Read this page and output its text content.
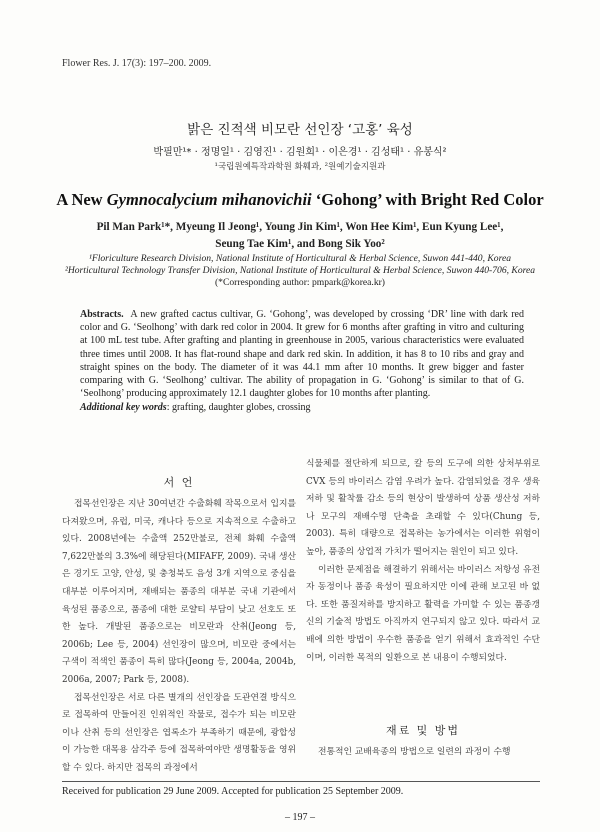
Flower Res. J. 17(3): 197–200. 2009.
밝은 진적색 비모란 선인장 ‘고홍’ 육성
박필만¹* · 정명일¹ · 김영진¹ · 김원희¹ · 이은경¹ · 김성태¹ · 유봉식²
¹국립원예특작과학원 화훼과, ²원예기술지원과
A New Gymnocalycium mihanovichii ‘Gohong’ with Bright Red Color
Pil Man Park¹*, Myeung Il Jeong¹, Young Jin Kim¹, Won Hee Kim¹, Eun Kyung Lee¹,
Seung Tae Kim¹, and Bong Sik Yoo²
¹Floriculture Research Division, National Institute of Horticultural & Herbal Science, Suwon 441-440, Korea
²Horticultural Technology Transfer Division, National Institute of Horticultural & Herbal Science, Suwon 440-706, Korea
(*Corresponding author: pmpark@korea.kr)
Abstracts. A new grafted cactus cultivar, G. ‘Gohong’, was developed by crossing ‘DR’ line with dark red color and G. ‘Seolhong’ with dark red color in 2004. It grew for 6 months after grafting in vitro and culturing at 100 mL test tube. After grafting and planting in greenhouse in 2005, various characteristics were evaluated three times until 2008. It has flat-round shape and dark red skin. In addition, it has 8 to 10 ribs and gray and straight spines on the body. The diameter of it was 44.1 mm after 10 months. It grew bigger and faster comparing with G. ‘Seolhong’ cultivar. The ability of propagation in G. ‘Gohong’ is similar to that of G. ‘Seolhong’ producing approximately 12.1 daughter globes for 10 months after planting.
Additional key words: grafting, daughter globes, crossing
서 언

접목선인장은 지난 30여년간 수출화훼 작목으로서 입지를 다져왔으며, 유럽, 미국, 캐나다 등으로 지속적으로 수출하고 있다. 2008년에는 수출액 252만불로, 전체 화훼 수출액 7,622만불의 3.3%에 해당된다(MIFAFF, 2009). 국내 생산은 경기도 고양, 안성, 및 충청북도 음성 3개 지역으로 중심을 대부분 이루어지며, 재배되는 품종의 대부분 국내 기관에서 육성된 품종으로, 품종에 대한 로얄티 부담이 낮고 선호도 또한 높다. 개발된 품종으로는 비모란과 산취(Jeong 등, 2006b; Lee 등, 2004) 선인장이 많으며, 비모란 중에서는 구색이 적색인 품종이 특히 많다(Jeong 등, 2004a, 2004b, 2006a, 2007; Park 등, 2008).

접목선인장은 서로 다른 별개의 선인장을 도관연결 방식으로 접목하여 만들어진 인위적인 작물로, 접수가 되는 비모란이나 산취 등의 선인장은 엽록소가 부족하기 때문에, 광합성이 가능한 대목용 삼각주 등에 접목하여야만 생명활동을 영위할 수 있다. 하지만 접목의 과정에서

식물체를 절단하게 되므로, 칼 등의 도구에 의한 상처부위로 CVX 등의 바이러스 감염 우려가 높다. 감염되었을 경우 생육저하 및 활착률 감소 등의 현상이 발생하여 상품 생산성 저하나 모구의 재배수명 단축을 초래할 수 있다(Chung 등, 2003). 특히 대량으로 접목하는 농가에서는 이러한 위험이 높아, 품종의 상업적 가치가 떨어지는 원인이 되고 있다.

이러한 문제점을 해결하기 위해서는 바이러스 저항성 유전자 동정이나 품종 육성이 필요하지만 이에 관해 보고된 바 없다. 또한 품질저하를 방지하고 활력을 가미할 수 있는 품종갱신의 기술적 방법도 아직까지 연구되지 않고 있다. 따라서 교배에 의한 방법이 우수한 품종을 얻기 위해서 효과적인 수단이며, 이러한 목적의 일환으로 본 내용이 수행되었다.

재료 및 방법

전통적인 교배육종의 방법으로 일련의 과정이 수행

Received for publication 29 June 2009. Accepted for publication 25 September 2009.
– 197 –
